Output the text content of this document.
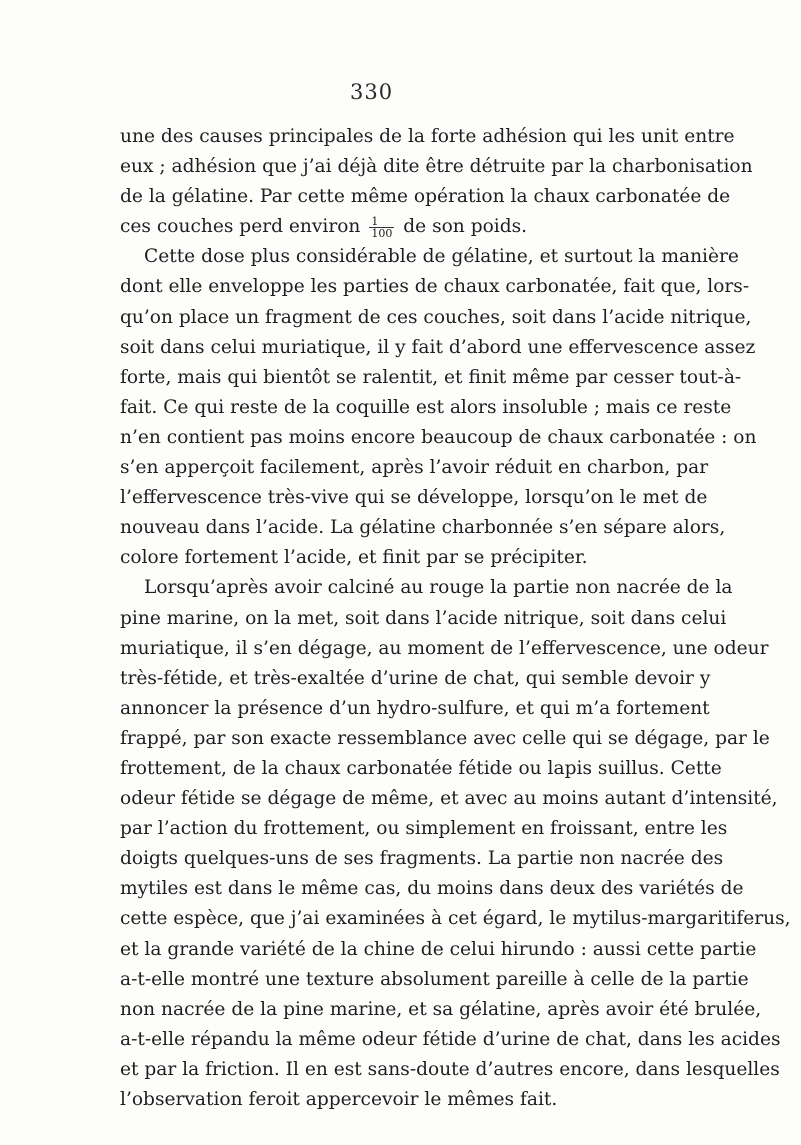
330
une des causes principales de la forte adhésion qui les unit entre
eux ; adhésion que j’ai déjà dite être détruite par la charbonisation
de la gélatine. Par cette même opération la chaux carbonatée de
ces couches perd environ $\frac{1}{100}$ de son poids.
Cette dose plus considérable de gélatine, et surtout la manière
dont elle enveloppe les parties de chaux carbonatée, fait que, lors-
qu’on place un fragment de ces couches, soit dans l’acide nitrique,
soit dans celui muriatique, il y fait d’abord une effervescence assez
forte, mais qui bientôt se ralentit, et finit même par cesser tout-à-
fait. Ce qui reste de la coquille est alors insoluble ; mais ce reste
n’en contient pas moins encore beaucoup de chaux carbonatée : on
s’en apperçoit facilement, après l’avoir réduit en charbon, par
l’effervescence très-vive qui se développe, lorsqu’on le met de
nouveau dans l’acide. La gélatine charbonnée s’en sépare alors,
colore fortement l’acide, et finit par se précipiter.
Lorsqu’après avoir calciné au rouge la partie non nacrée de la
pine marine, on la met, soit dans l’acide nitrique, soit dans celui
muriatique, il s’en dégage, au moment de l’effervescence, une odeur
très-fétide, et très-exaltée d’urine de chat, qui semble devoir y
annoncer la présence d’un hydro-sulfure, et qui m’a fortement
frappé, par son exacte ressemblance avec celle qui se dégage, par le
frottement, de la chaux carbonatée fétide ou lapis suillus. Cette
odeur fétide se dégage de même, et avec au moins autant d’intensité,
par l’action du frottement, ou simplement en froissant, entre les
doigts quelques-uns de ses fragments. La partie non nacrée des
mytiles est dans le même cas, du moins dans deux des variétés de
cette espèce, que j’ai examinées à cet égard, le mytilus-margaritiferus,
et la grande variété de la chine de celui hirundo : aussi cette partie
a-t-elle montré une texture absolument pareille à celle de la partie
non nacrée de la pine marine, et sa gélatine, après avoir été brulée,
a-t-elle répandu la même odeur fétide d’urine de chat, dans les acides
et par la friction. Il en est sans-doute d’autres encore, dans lesquelles
l’observation feroit appercevoir le mêmes fait.
